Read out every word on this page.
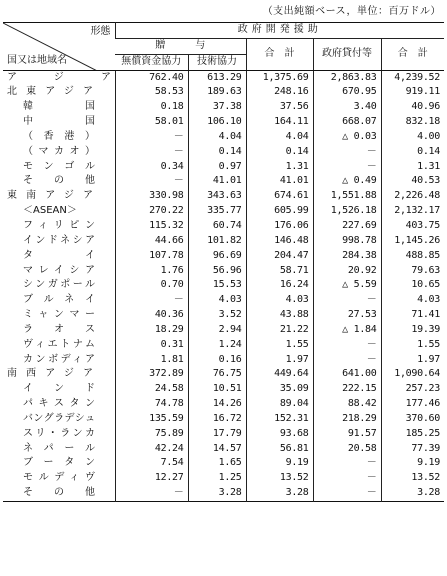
（支出純額ベース，単位：百万ドル）
形態
国又は地域名	政府開発援助				
	贈　　　与		合　計	政府貸付等	合　計
	無償資金協力	技術協力			
アジア	762.40	613.29	1,375.69	2,863.83	4,239.52
北東アジア	58.53	189.63	248.16	670.95	919.11
韓国	0.18	37.38	37.56	3.40	40.96
中国	58.01	106.10	164.11	668.07	832.18
（香港）	－	4.04	4.04	△ 0.03	4.00
（マカオ）	－	0.14	0.14	－	0.14
モンゴル	0.34	0.97	1.31	－	1.31
その他	－	41.01	41.01	△ 0.49	40.53
東南アジア	330.98	343.63	674.61	1,551.88	2,226.48
＜ASEAN＞	270.22	335.77	605.99	1,526.18	2,132.17
フィリピン	115.32	60.74	176.06	227.69	403.75
インドネシア	44.66	101.82	146.48	998.78	1,145.26
タイ	107.78	96.69	204.47	284.38	488.85
マレイシア	1.76	56.96	58.71	20.92	79.63
シンガポール	0.70	15.53	16.24	△ 5.59	10.65
ブルネイ	－	4.03	4.03	－	4.03
ミャンマー	40.36	3.52	43.88	27.53	71.41
ラオス	18.29	2.94	21.22	△ 1.84	19.39
ヴィエトナム	0.31	1.24	1.55	－	1.55
カンボディア	1.81	0.16	1.97	－	1.97
南西アジア	372.89	76.75	449.64	641.00	1,090.64
インド	24.58	10.51	35.09	222.15	257.23
パキスタン	74.78	14.26	89.04	88.42	177.46
バングラデシュ	135.59	16.72	152.31	218.29	370.60
スリ・ランカ	75.89	17.79	93.68	91.57	185.25
ネパール	42.24	14.57	56.81	20.58	77.39
ブータン	7.54	1.65	9.19	－	9.19
モルディヴ	12.27	1.25	13.52	－	13.52
その他	－	3.28	3.28	－	3.28
